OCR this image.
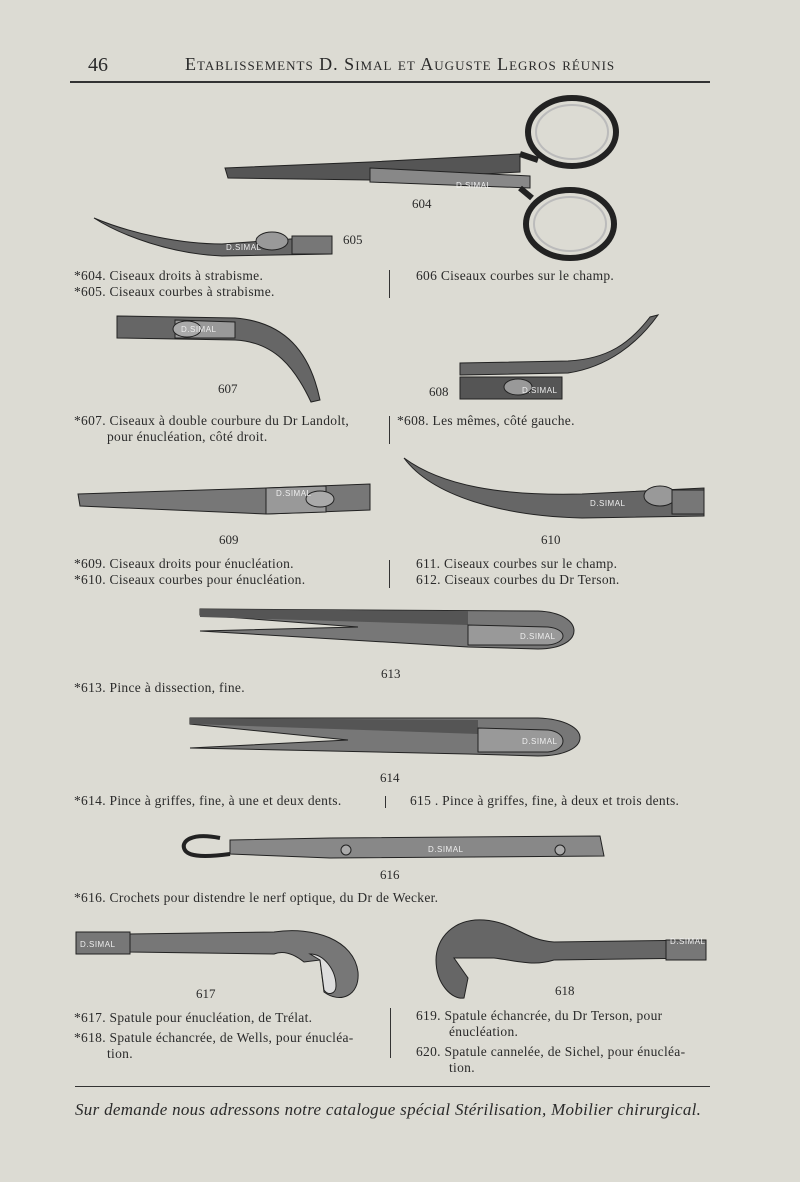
46	Etablissements D. Simal et Auguste Legros réunis
D.SIMAL
604
D.SIMAL
605
*604. Ciseaux droits à strabisme.
*605. Ciseaux courbes à strabisme.
606 Ciseaux courbes sur le champ.
D.SIMAL
607	D.SIMAL
608
*607. Ciseaux à double courbure du Dr Landolt,
pour énucléation, côté droit.
*608. Les mêmes, côté gauche.
D.SIMAL
609
D.SIMAL
610
*609. Ciseaux droits pour énucléation.
*610. Ciseaux courbes pour énucléation.
611. Ciseaux courbes sur le champ.
612. Ciseaux courbes du Dr Terson.
D.SIMAL
613
*613. Pince à dissection, fine.
D.SIMAL
614
*614. Pince à griffes, fine, à une et deux dents.	615 . Pince à griffes, fine, à deux et trois dents.
D.SIMAL
616
*616. Crochets pour distendre le nerf optique, du Dr de Wecker.
D.SIMAL
617
D.SIMAL
618
*617. Spatule pour énucléation, de Trélat.
*618. Spatule échancrée, de Wells, pour énucléa-
tion.
619. Spatule échancrée, du Dr Terson, pour
énucléation.
620. Spatule cannelée, de Sichel, pour énucléa-
tion.
Sur demande nous adressons notre catalogue spécial Stérilisation, Mobilier chirurgical.
